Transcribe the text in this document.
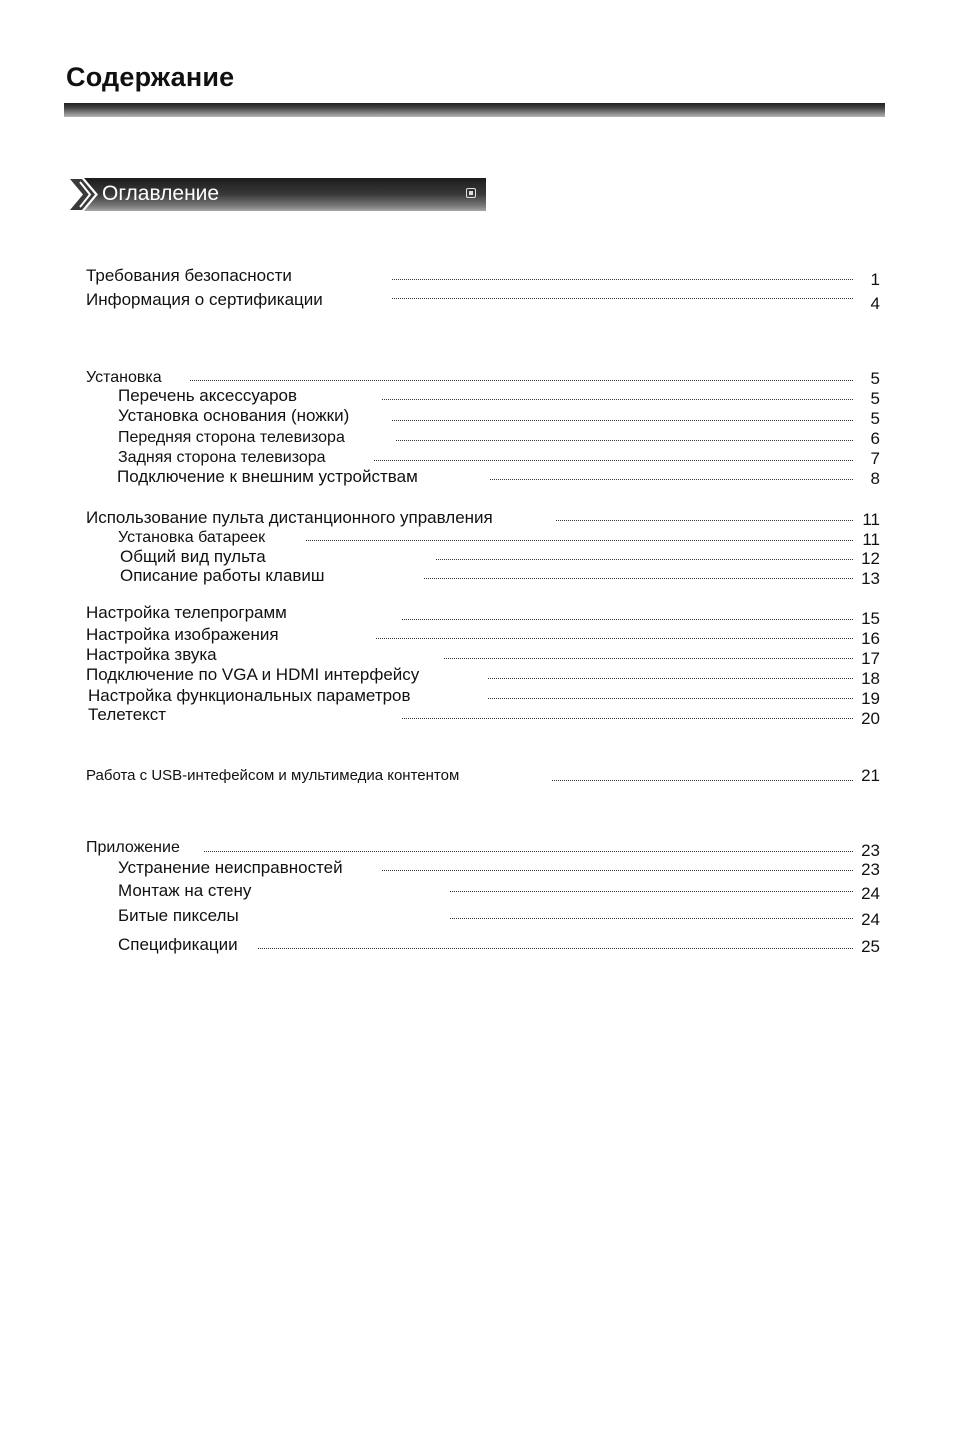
Содержание
Оглавление
Требования безопасности	1
Информация о сертификации	4
Установка	5
Перечень аксессуаров	5
Установка основания (ножки)	5
Передняя сторона телевизора	6
Задняя сторона телевизора	7
Подключение к внешним устройствам	8
Использование пульта дистанционного управления	11
Установка батареек	11
Общий вид пульта	12
Описание работы клавиш	13
Настройка телепрограмм	15
Настройка изображения	16
Настройка звука	17
Подключение по VGA и HDMI интерфейсу	18
Настройка функциональных параметров	19
Телетекст	20
Работа с USB-интефейсом и мультимедиа контентом	21
Приложение	23
Устранение неисправностей	23
Монтаж на стену	24
Битые пикселы	24
Спецификации	25
